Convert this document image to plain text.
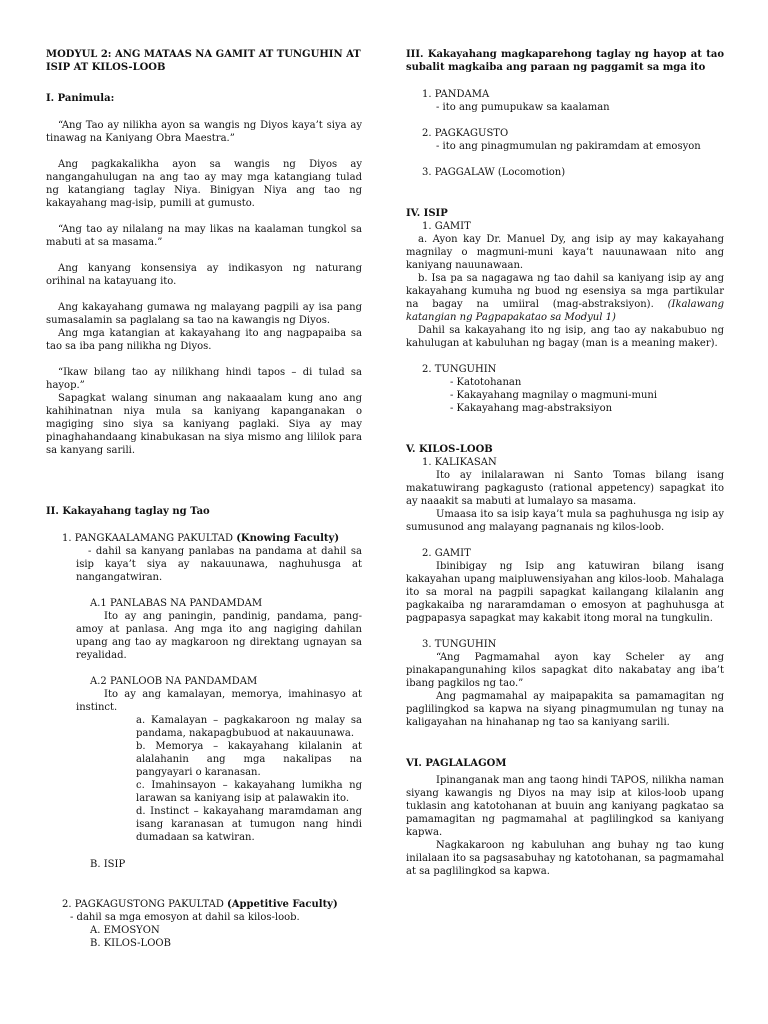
MODYUL 2: ANG MATAAS NA GAMIT AT TUNGUHIN AT ISIP AT KILOS-LOOB

I. Panimula:

“Ang Tao ay nilikha ayon sa wangis ng Diyos kaya’t siya ay tinawag na Kaniyang Obra Maestra.”

Ang pagkakalikha ayon sa wangis ng Diyos ay nangangahulugan na ang tao ay may mga katangiang tulad ng katangiang taglay Niya. Binigyan Niya ang tao ng kakayahang mag-isip, pumili at gumusto.

“Ang tao ay nilalang na may likas na kaalaman tungkol sa mabuti at sa masama.”

Ang kanyang konsensiya ay indikasyon ng naturang orihinal na katayuang ito.

Ang kakayahang gumawa ng malayang pagpili ay isa pang sumasalamin sa paglalang sa tao na kawangis ng Diyos.

Ang mga katangian at kakayahang ito ang nagpapaiba sa tao sa iba pang nilikha ng Diyos.

“Ikaw bilang tao ay nilikhang hindi tapos – di tulad sa hayop.”

Sapagkat walang sinuman ang nakaaalam kung ano ang kahihinatnan niya mula sa kaniyang kapanganakan o magiging sino siya sa kaniyang paglaki. Siya ay may pinaghahandaang kinabukasan na siya mismo ang lililok para sa kanyang sarili.

II. Kakayahang taglay ng Tao

1. PANGKAALAMANG PAKULTAD (Knowing Faculty)

- dahil sa kanyang panlabas na pandama at dahil sa isip kaya’t siya ay nakauunawa, naghuhusga at nangangatwiran.

A.1 PANLABAS NA PANDAMDAM

Ito ay ang paningin, pandinig, pandama, pang-amoy at panlasa. Ang mga ito ang nagiging dahilan upang ang tao ay magkaroon ng direktang ugnayan sa reyalidad.

A.2 PANLOOB NA PANDAMDAM

Ito ay ang kamalayan, memorya, imahinasyo at instinct.

a. Kamalayan – pagkakaroon ng malay sa pandama, nakapagbubuod at nakauunawa.

b. Memorya – kakayahang kilalanin at alalahanin ang mga nakalipas na pangyayari o karanasan.

c. Imahinsayon – kakayahang lumikha ng larawan sa kaniyang isip at palawakin ito.

d. Instinct – kakayahang maramdaman ang isang karanasan at tumugon nang hindi dumadaan sa katwiran.

B. ISIP

2. PAGKAGUSTONG PAKULTAD (Appetitive Faculty)

- dahil sa mga emosyon at dahil sa kilos-loob.

A. EMOSYON

B. KILOS-LOOB

III. Kakayahang magkaparehong taglay ng hayop at tao subalit magkaiba ang paraan ng paggamit sa mga ito

1. PANDAMA

- ito ang pumupukaw sa kaalaman

2. PAGKAGUSTO

- ito ang pinagmumulan ng pakiramdam at emosyon

3. PAGGALAW (Locomotion)

IV. ISIP

1. GAMIT

a. Ayon kay Dr. Manuel Dy, ang isip ay may kakayahang magnilay o magmuni-muni kaya’t nauunawaan nito ang kaniyang nauunawaan.

b. Isa pa sa nagagawa ng tao dahil sa kaniyang isip ay ang kakayahang kumuha ng buod ng esensiya sa mga partikular na bagay na umiiral (mag-abstraksiyon). (Ikalawang katangian ng Pagpapakatao sa Modyul 1)

Dahil sa kakayahang ito ng isip, ang tao ay nakabubuo ng kahulugan at kabuluhan ng bagay (man is a meaning maker).

2. TUNGUHIN

- Katotohanan

- Kakayahang magnilay o magmuni-muni

- Kakayahang mag-abstraksiyon

V. KILOS-LOOB

1. KALIKASAN

Ito ay inilalarawan ni Santo Tomas bilang isang makatuwirang pagkagusto (rational appetency) sapagkat ito ay naaakit sa mabuti at lumalayo sa masama.

Umaasa ito sa isip kaya’t mula sa paghuhusga ng isip ay sumusunod ang malayang pagnanais ng kilos-loob.

2. GAMIT

Ibinibigay ng Isip ang katuwiran bilang isang kakayahan upang maipluwensiyahan ang kilos-loob. Mahalaga ito sa moral na pagpili sapagkat kailangang kilalanin ang pagkakaiba ng nararamdaman o emosyon at paghuhusga at pagpapasya sapagkat may kakabit itong moral na tungkulin.

3. TUNGUHIN

“Ang Pagmamahal ayon kay Scheler ay ang pinakapangunahing kilos sapagkat dito nakabatay ang iba’t ibang pagkilos ng tao.”

Ang pagmamahal ay maipapakita sa pamamagitan ng paglilingkod sa kapwa na siyang pinagmumulan ng tunay na kaligayahan na hinahanap ng tao sa kaniyang sarili.

VI. PAGLALAGOM

Ipinanganak man ang taong hindi TAPOS, nilikha naman siyang kawangis ng Diyos na may isip at kilos-loob upang tuklasin ang katotohanan at buuin ang kaniyang pagkatao sa pamamagitan ng pagmamahal at paglilingkod sa kaniyang kapwa.

Nagkakaroon ng kabuluhan ang buhay ng tao kung inilalaan ito sa pagsasabuhay ng katotohanan, sa pagmamahal at sa paglilingkod sa kapwa.
